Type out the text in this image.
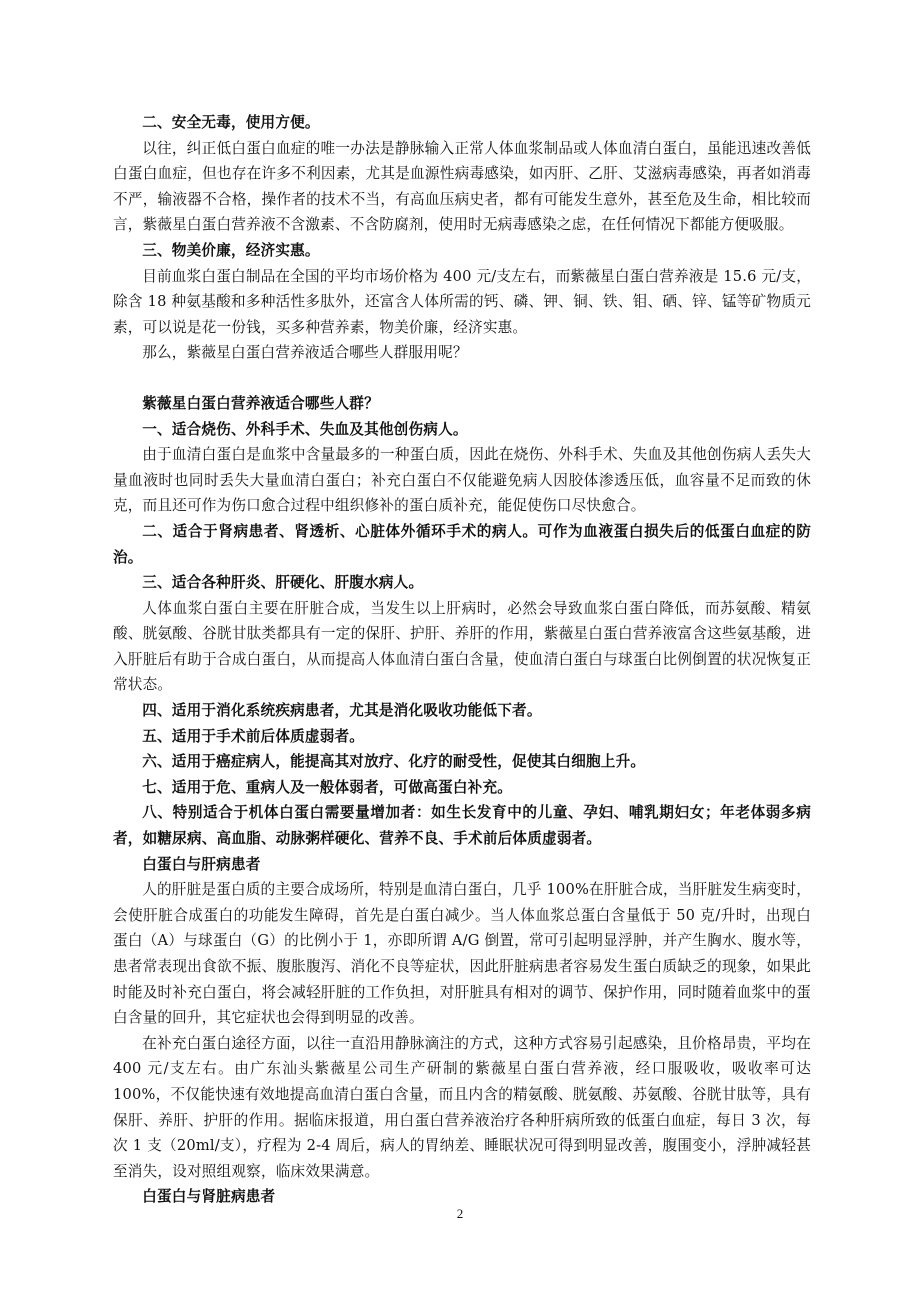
二、安全无毒，使用方便。
以往，纠正低白蛋白血症的唯一办法是静脉输入正常人体血浆制品或人体血清白蛋白，虽能迅速改善低白蛋白血症，但也存在许多不利因素，尤其是血源性病毒感染，如丙肝、乙肝、艾滋病毒感染，再者如消毒不严，输液器不合格，操作者的技术不当，有高血压病史者，都有可能发生意外，甚至危及生命，相比较而言，紫薇星白蛋白营养液不含激素、不含防腐剂，使用时无病毒感染之虑，在任何情况下都能方便吸服。
三、物美价廉，经济实惠。
目前血浆白蛋白制品在全国的平均市场价格为 400 元/支左右，而紫薇星白蛋白营养液是 15.6 元/支，除含 18 种氨基酸和多种活性多肽外，还富含人体所需的钙、磷、钾、铜、铁、钼、硒、锌、锰等矿物质元素，可以说是花一份钱，买多种营养素，物美价廉，经济实惠。
那么，紫薇星白蛋白营养液适合哪些人群服用呢？
紫薇星白蛋白营养液适合哪些人群？
一、适合烧伤、外科手术、失血及其他创伤病人。
由于血清白蛋白是血浆中含量最多的一种蛋白质，因此在烧伤、外科手术、失血及其他创伤病人丢失大量血液时也同时丢失大量血清白蛋白；补充白蛋白不仅能避免病人因胶体渗透压低，血容量不足而致的休克，而且还可作为伤口愈合过程中组织修补的蛋白质补充，能促使伤口尽快愈合。
二、适合于肾病患者、肾透析、心脏体外循环手术的病人。可作为血液蛋白损失后的低蛋白血症的防治。
三、适合各种肝炎、肝硬化、肝腹水病人。
人体血浆白蛋白主要在肝脏合成，当发生以上肝病时，必然会导致血浆白蛋白降低，而苏氨酸、精氨酸、胱氨酸、谷胱甘肽类都具有一定的保肝、护肝、养肝的作用，紫薇星白蛋白营养液富含这些氨基酸，进入肝脏后有助于合成白蛋白，从而提高人体血清白蛋白含量，使血清白蛋白与球蛋白比例倒置的状况恢复正常状态。
四、适用于消化系统疾病患者，尤其是消化吸收功能低下者。
五、适用于手术前后体质虚弱者。
六、适用于癌症病人，能提高其对放疗、化疗的耐受性，促使其白细胞上升。
七、适用于危、重病人及一般体弱者，可做高蛋白补充。
八、特别适合于机体白蛋白需要量增加者：如生长发育中的儿童、孕妇、哺乳期妇女；年老体弱多病者，如糖尿病、高血脂、动脉粥样硬化、营养不良、手术前后体质虚弱者。
白蛋白与肝病患者
人的肝脏是蛋白质的主要合成场所，特别是血清白蛋白，几乎 100%在肝脏合成，当肝脏发生病变时，会使肝脏合成蛋白的功能发生障碍，首先是白蛋白减少。当人体血浆总蛋白含量低于 50 克/升时，出现白蛋白（A）与球蛋白（G）的比例小于 1，亦即所谓 A/G 倒置，常可引起明显浮肿，并产生胸水、腹水等，患者常表现出食欲不振、腹胀腹泻、消化不良等症状，因此肝脏病患者容易发生蛋白质缺乏的现象，如果此时能及时补充白蛋白，将会减轻肝脏的工作负担，对肝脏具有相对的调节、保护作用，同时随着血浆中的蛋白含量的回升，其它症状也会得到明显的改善。
在补充白蛋白途径方面，以往一直沿用静脉滴注的方式，这种方式容易引起感染，且价格昂贵，平均在 400 元/支左右。由广东汕头紫薇星公司生产研制的紫薇星白蛋白营养液，经口服吸收，吸收率可达 100%，不仅能快速有效地提高血清白蛋白含量，而且内含的精氨酸、胱氨酸、苏氨酸、谷胱甘肽等，具有保肝、养肝、护肝的作用。据临床报道，用白蛋白营养液治疗各种肝病所致的低蛋白血症，每日 3 次，每次 1 支（20ml/支），疗程为 2-4 周后，病人的胃纳差、睡眠状况可得到明显改善，腹围变小，浮肿减轻甚至消失，设对照组观察，临床效果满意。
白蛋白与肾脏病患者
2
